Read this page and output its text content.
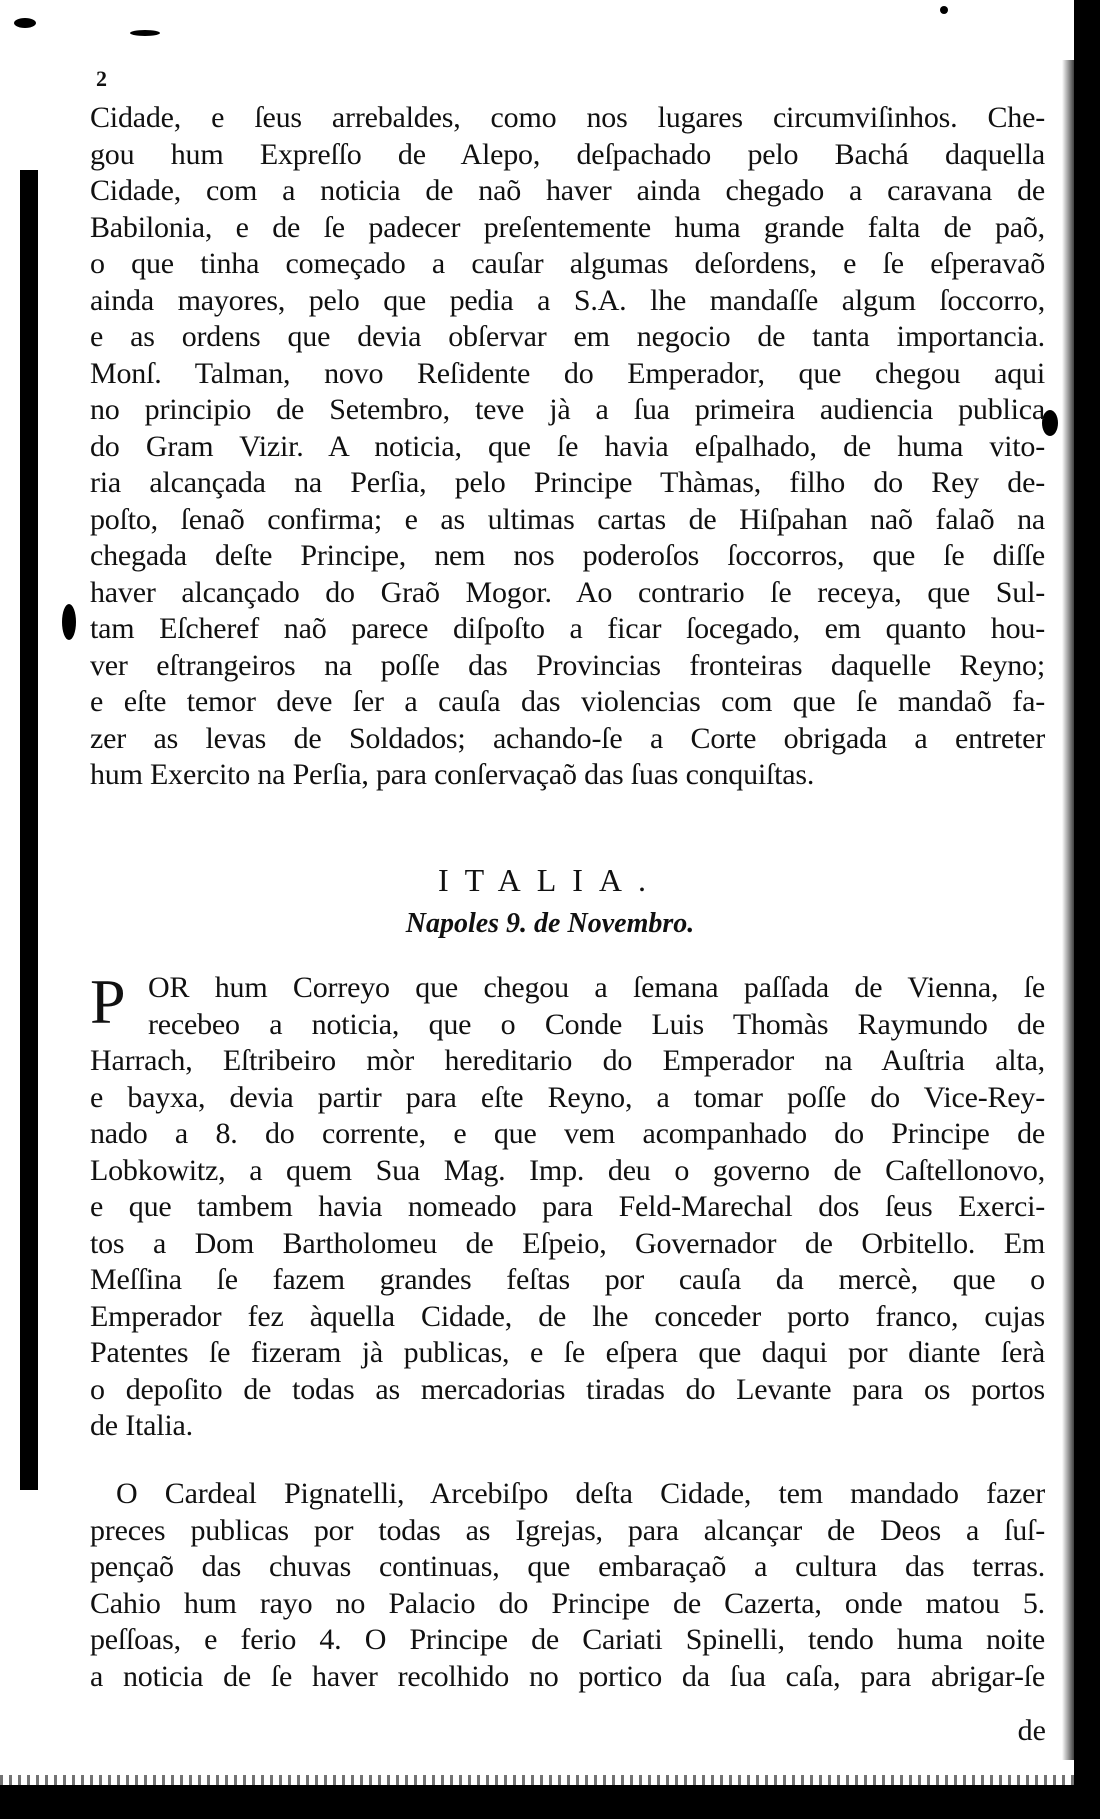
2
Cidade, e ſeus arrebaldes, como nos lugares circumviſinhos. Che-
gou hum Expreſſo de Alepo, deſpachado pelo Bachá daquella
Cidade, com a noticia de naõ haver ainda chegado a caravana de
Babilonia, e de ſe padecer preſentemente huma grande falta de paõ,
o que tinha começado a cauſar algumas deſordens, e ſe eſperavaõ
ainda mayores, pelo que pedia a S.A. lhe mandaſſe algum ſoccorro,
e as ordens que devia obſervar em negocio de tanta importancia.
Monſ. Talman, novo Reſidente do Emperador, que chegou aqui
no principio de Setembro, teve jà a ſua primeira audiencia publica
do Gram Vizir. A noticia, que ſe havia eſpalhado, de huma vito-
ria alcançada na Perſia, pelo Principe Thàmas, filho do Rey de-
poſto, ſenaõ confirma; e as ultimas cartas de Hiſpahan naõ falaõ na
chegada deſte Principe, nem nos poderoſos ſoccorros, que ſe diſſe
haver alcançado do Graõ Mogor. Ao contrario ſe receya, que Sul-
tam Eſcheref naõ parece diſpoſto a ficar ſocegado, em quanto hou-
ver eſtrangeiros na poſſe das Provincias fronteiras daquelle Reyno;
e eſte temor deve ſer a cauſa das violencias com que ſe mandaõ fa-
zer as levas de Soldados; achando-ſe a Corte obrigada a entreter
hum Exercito na Perſia, para conſervaçaõ das ſuas conquiſtas.
ITALIA.
Napoles 9. de Novembro.
P OR hum Correyo que chegou a ſemana paſſada de Vienna, ſe
recebeo a noticia, que o Conde Luis Thomàs Raymundo de
Harrach, Eſtribeiro mòr hereditario do Emperador na Auſtria alta,
e bayxa, devia partir para eſte Reyno, a tomar poſſe do Vice-Rey-
nado a 8. do corrente, e que vem acompanhado do Principe de
Lobkowitz, a quem Sua Mag. Imp. deu o governo de Caſtellonovo,
e que tambem havia nomeado para Feld-Marechal dos ſeus Exerci-
tos a Dom Bartholomeu de Eſpeio, Governador de Orbitello. Em
Meſſina ſe fazem grandes feſtas por cauſa da mercè, que o
Emperador fez àquella Cidade, de lhe conceder porto franco, cujas
Patentes ſe fizeram jà publicas, e ſe eſpera que daqui por diante ſerà
o depoſito de todas as mercadorias tiradas do Levante para os portos
de Italia.
O Cardeal Pignatelli, Arcebiſpo deſta Cidade, tem mandado fazer
preces publicas por todas as Igrejas, para alcançar de Deos a ſuſ-
pençaõ das chuvas continuas, que embaraçaõ a cultura das terras.
Cahio hum rayo no Palacio do Principe de Cazerta, onde matou 5.
peſſoas, e ferio 4. O Principe de Cariati Spinelli, tendo huma noite
a noticia de ſe haver recolhido no portico da ſua caſa, para abrigar-ſe
de
